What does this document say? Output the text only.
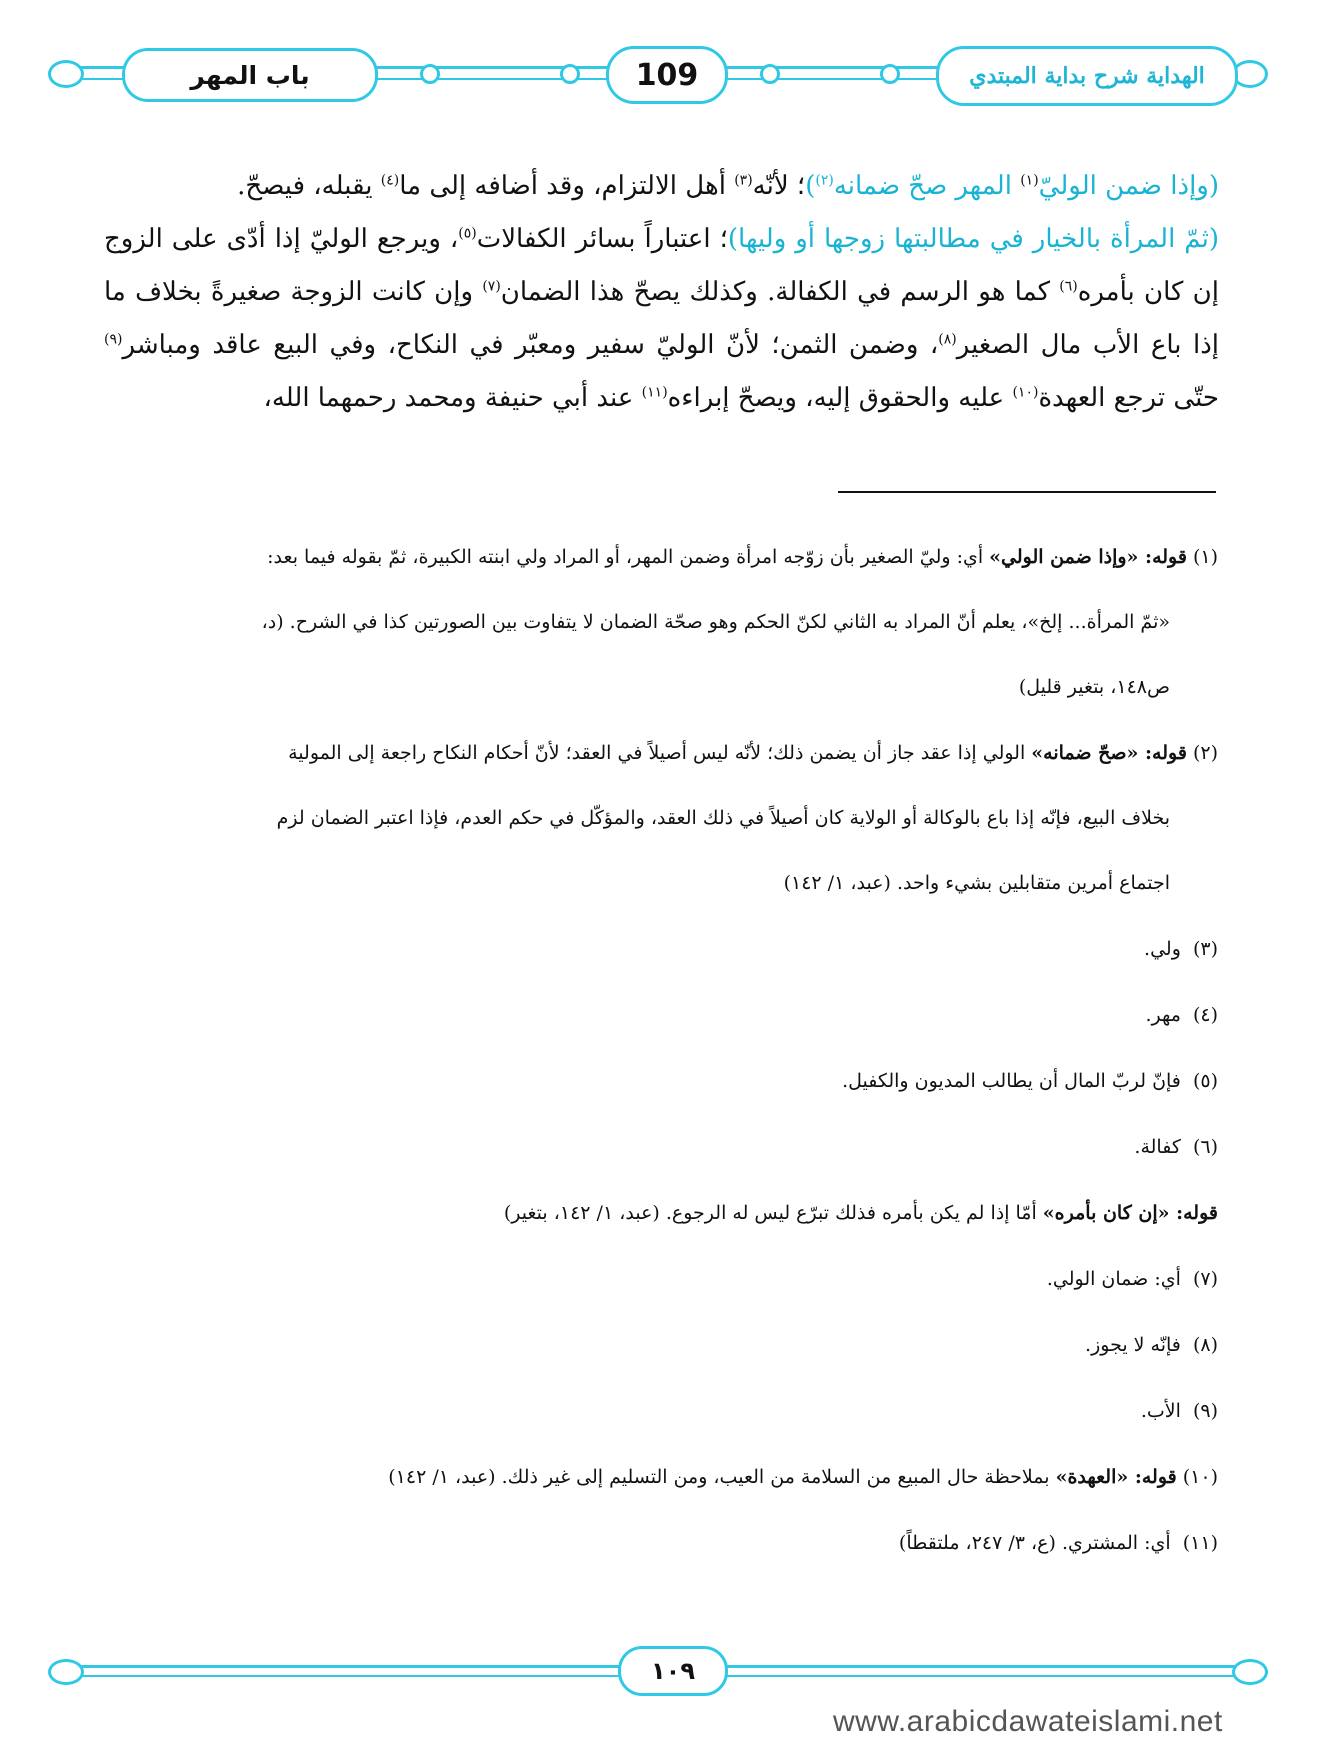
باب المهر	109	الهداية شرح بداية المبتدي

(وإذا ضمن الوليّ$^{(١)}$ المهر صحّ ضمانه$^{(٢)}$)؛ لأنّه$^{(٣)}$ أهل الالتزام، وقد أضافه إلى ما$^{(٤)}$ يقبله، فيصحّ.

(ثمّ المرأة بالخيار في مطالبتها زوجها أو وليها)؛ اعتباراً بسائر الكفالات$^{(٥)}$، ويرجع الوليّ إذا أدّى على الزوج إن كان بأمره$^{(٦)}$ كما هو الرسم في الكفالة. وكذلك يصحّ هذا الضمان$^{(٧)}$ وإن كانت الزوجة صغيرةً بخلاف ما إذا باع الأب مال الصغير$^{(٨)}$، وضمن الثمن؛ لأنّ الوليّ سفير ومعبّر في النكاح، وفي البيع عاقد ومباشر$^{(٩)}$ حتّى ترجع العهدة$^{(١٠)}$ عليه والحقوق إليه، ويصحّ إبراءه$^{(١١)}$ عند أبي حنيفة ومحمد رحمهما الله،

(١)قوله: «وإذا ضمن الولي» أي: وليّ الصغير بأن زوّجه امرأة وضمن المهر، أو المراد ولي ابنته الكبيرة، ثمّ بقوله فيما بعد:
«ثمّ المرأة... إلخ»، يعلم أنّ المراد به الثاني لكنّ الحكم وهو صحّة الضمان لا يتفاوت بين الصورتين كذا في الشرح. (د،
ص١٤٨، بتغير قليل)
(٢)قوله: «صحّ ضمانه» الولي إذا عقد جاز أن يضمن ذلك؛ لأنّه ليس أصيلاً في العقد؛ لأنّ أحكام النكاح راجعة إلى المولية
بخلاف البيع، فإنّه إذا باع بالوكالة أو الولاية كان أصيلاً في ذلك العقد، والمؤكّل في حكم العدم، فإذا اعتبر الضمان لزم
اجتماع أمرين متقابلين بشيء واحد. (عبد، ١/ ١٤٢)
(٣) ولي.
(٤) مهر.
(٥) فإنّ لربّ المال أن يطالب المديون والكفيل.
(٦) كفالة.
قوله: «إن كان بأمره» أمّا إذا لم يكن بأمره فذلك تبرّع ليس له الرجوع. (عبد، ١/ ١٤٢، بتغير)
(٧) أي: ضمان الولي.
(٨) فإنّه لا يجوز.
(٩) الأب.
(١٠)قوله: «العهدة» بملاحظة حال المبيع من السلامة من العيب، ومن التسليم إلى غير ذلك. (عبد، ١/ ١٤٢)
(١١) أي: المشتري. (ع، ٣/ ٢٤٧، ملتقطاً)
١٠٩
www.arabicdawateislami.net
